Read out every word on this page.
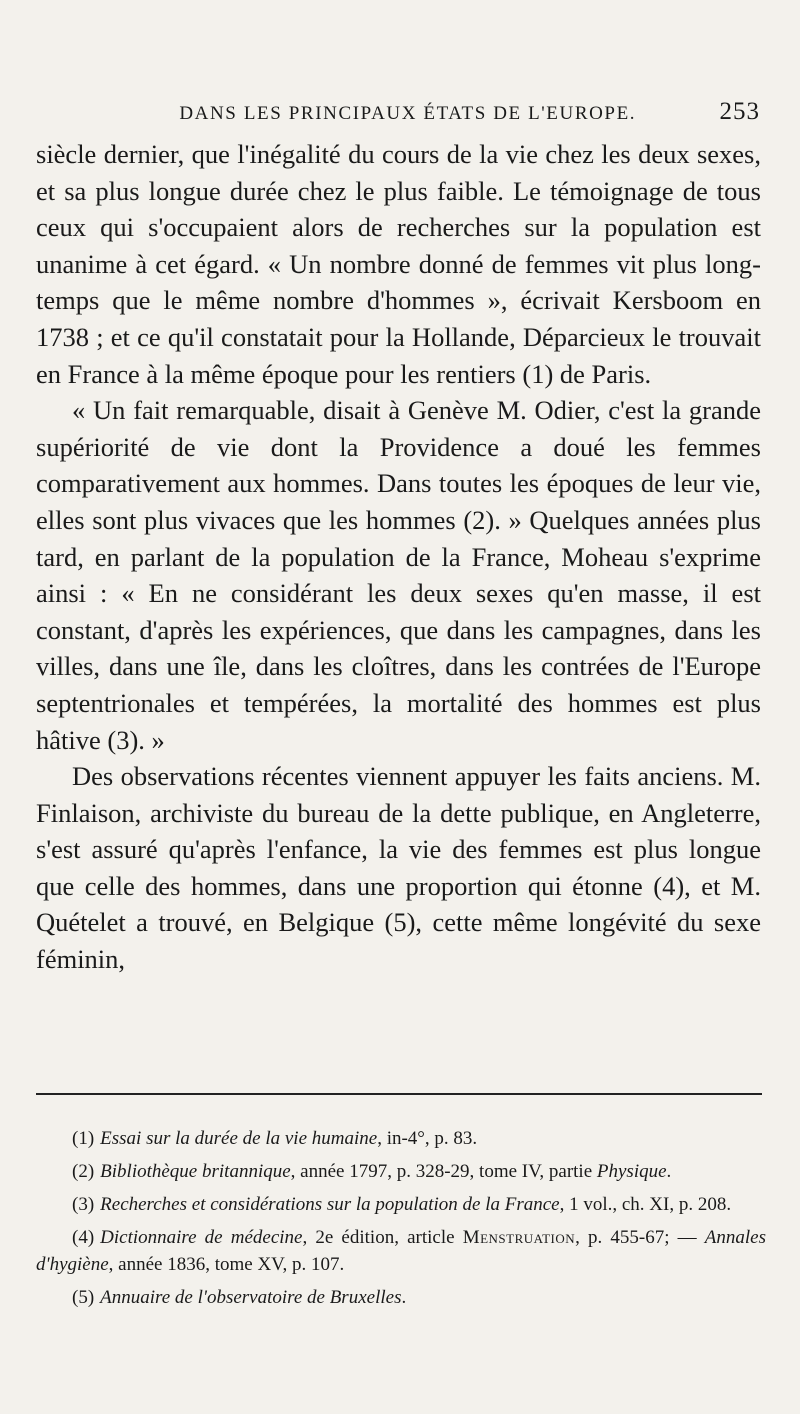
DANS LES PRINCIPAUX ÉTATS DE L'EUROPE.	253

siècle dernier, que l'inégalité du cours de la vie chez les deux sexes, et sa plus longue durée chez le plus faible. Le témoignage de tous ceux qui s'occupaient alors de recherches sur la population est unanime à cet égard. « Un nombre donné de femmes vit plus long-temps que le même nombre d'hommes », écrivait Kersboom en 1738 ; et ce qu'il constatait pour la Hollande, Déparcieux le trouvait en France à la même époque pour les rentiers (1) de Paris.

« Un fait remarquable, disait à Genève M. Odier, c'est la grande supériorité de vie dont la Providence a doué les femmes comparativement aux hommes. Dans toutes les époques de leur vie, elles sont plus vivaces que les hommes (2). » Quelques années plus tard, en parlant de la population de la France, Moheau s'exprime ainsi : « En ne considérant les deux sexes qu'en masse, il est constant, d'après les expériences, que dans les campagnes, dans les villes, dans une île, dans les cloîtres, dans les contrées de l'Europe septentrionales et tempérées, la mortalité des hommes est plus hâtive (3). »

Des observations récentes viennent appuyer les faits anciens. M. Finlaison, archiviste du bureau de la dette publique, en Angleterre, s'est assuré qu'après l'enfance, la vie des femmes est plus longue que celle des hommes, dans une proportion qui étonne (4), et M. Quételet a trouvé, en Belgique (5), cette même longévité du sexe féminin,

(1) Essai sur la durée de la vie humaine, in-4°, p. 83.

(2) Bibliothèque britannique, année 1797, p. 328-29, tome IV, partie Physique.

(3) Recherches et considérations sur la population de la France, 1 vol., ch. XI, p. 208.

(4) Dictionnaire de médecine, 2e édition, article Menstruation, p. 455-67; — Annales d'hygiène, année 1836, tome XV, p. 107.

(5) Annuaire de l'observatoire de Bruxelles.
